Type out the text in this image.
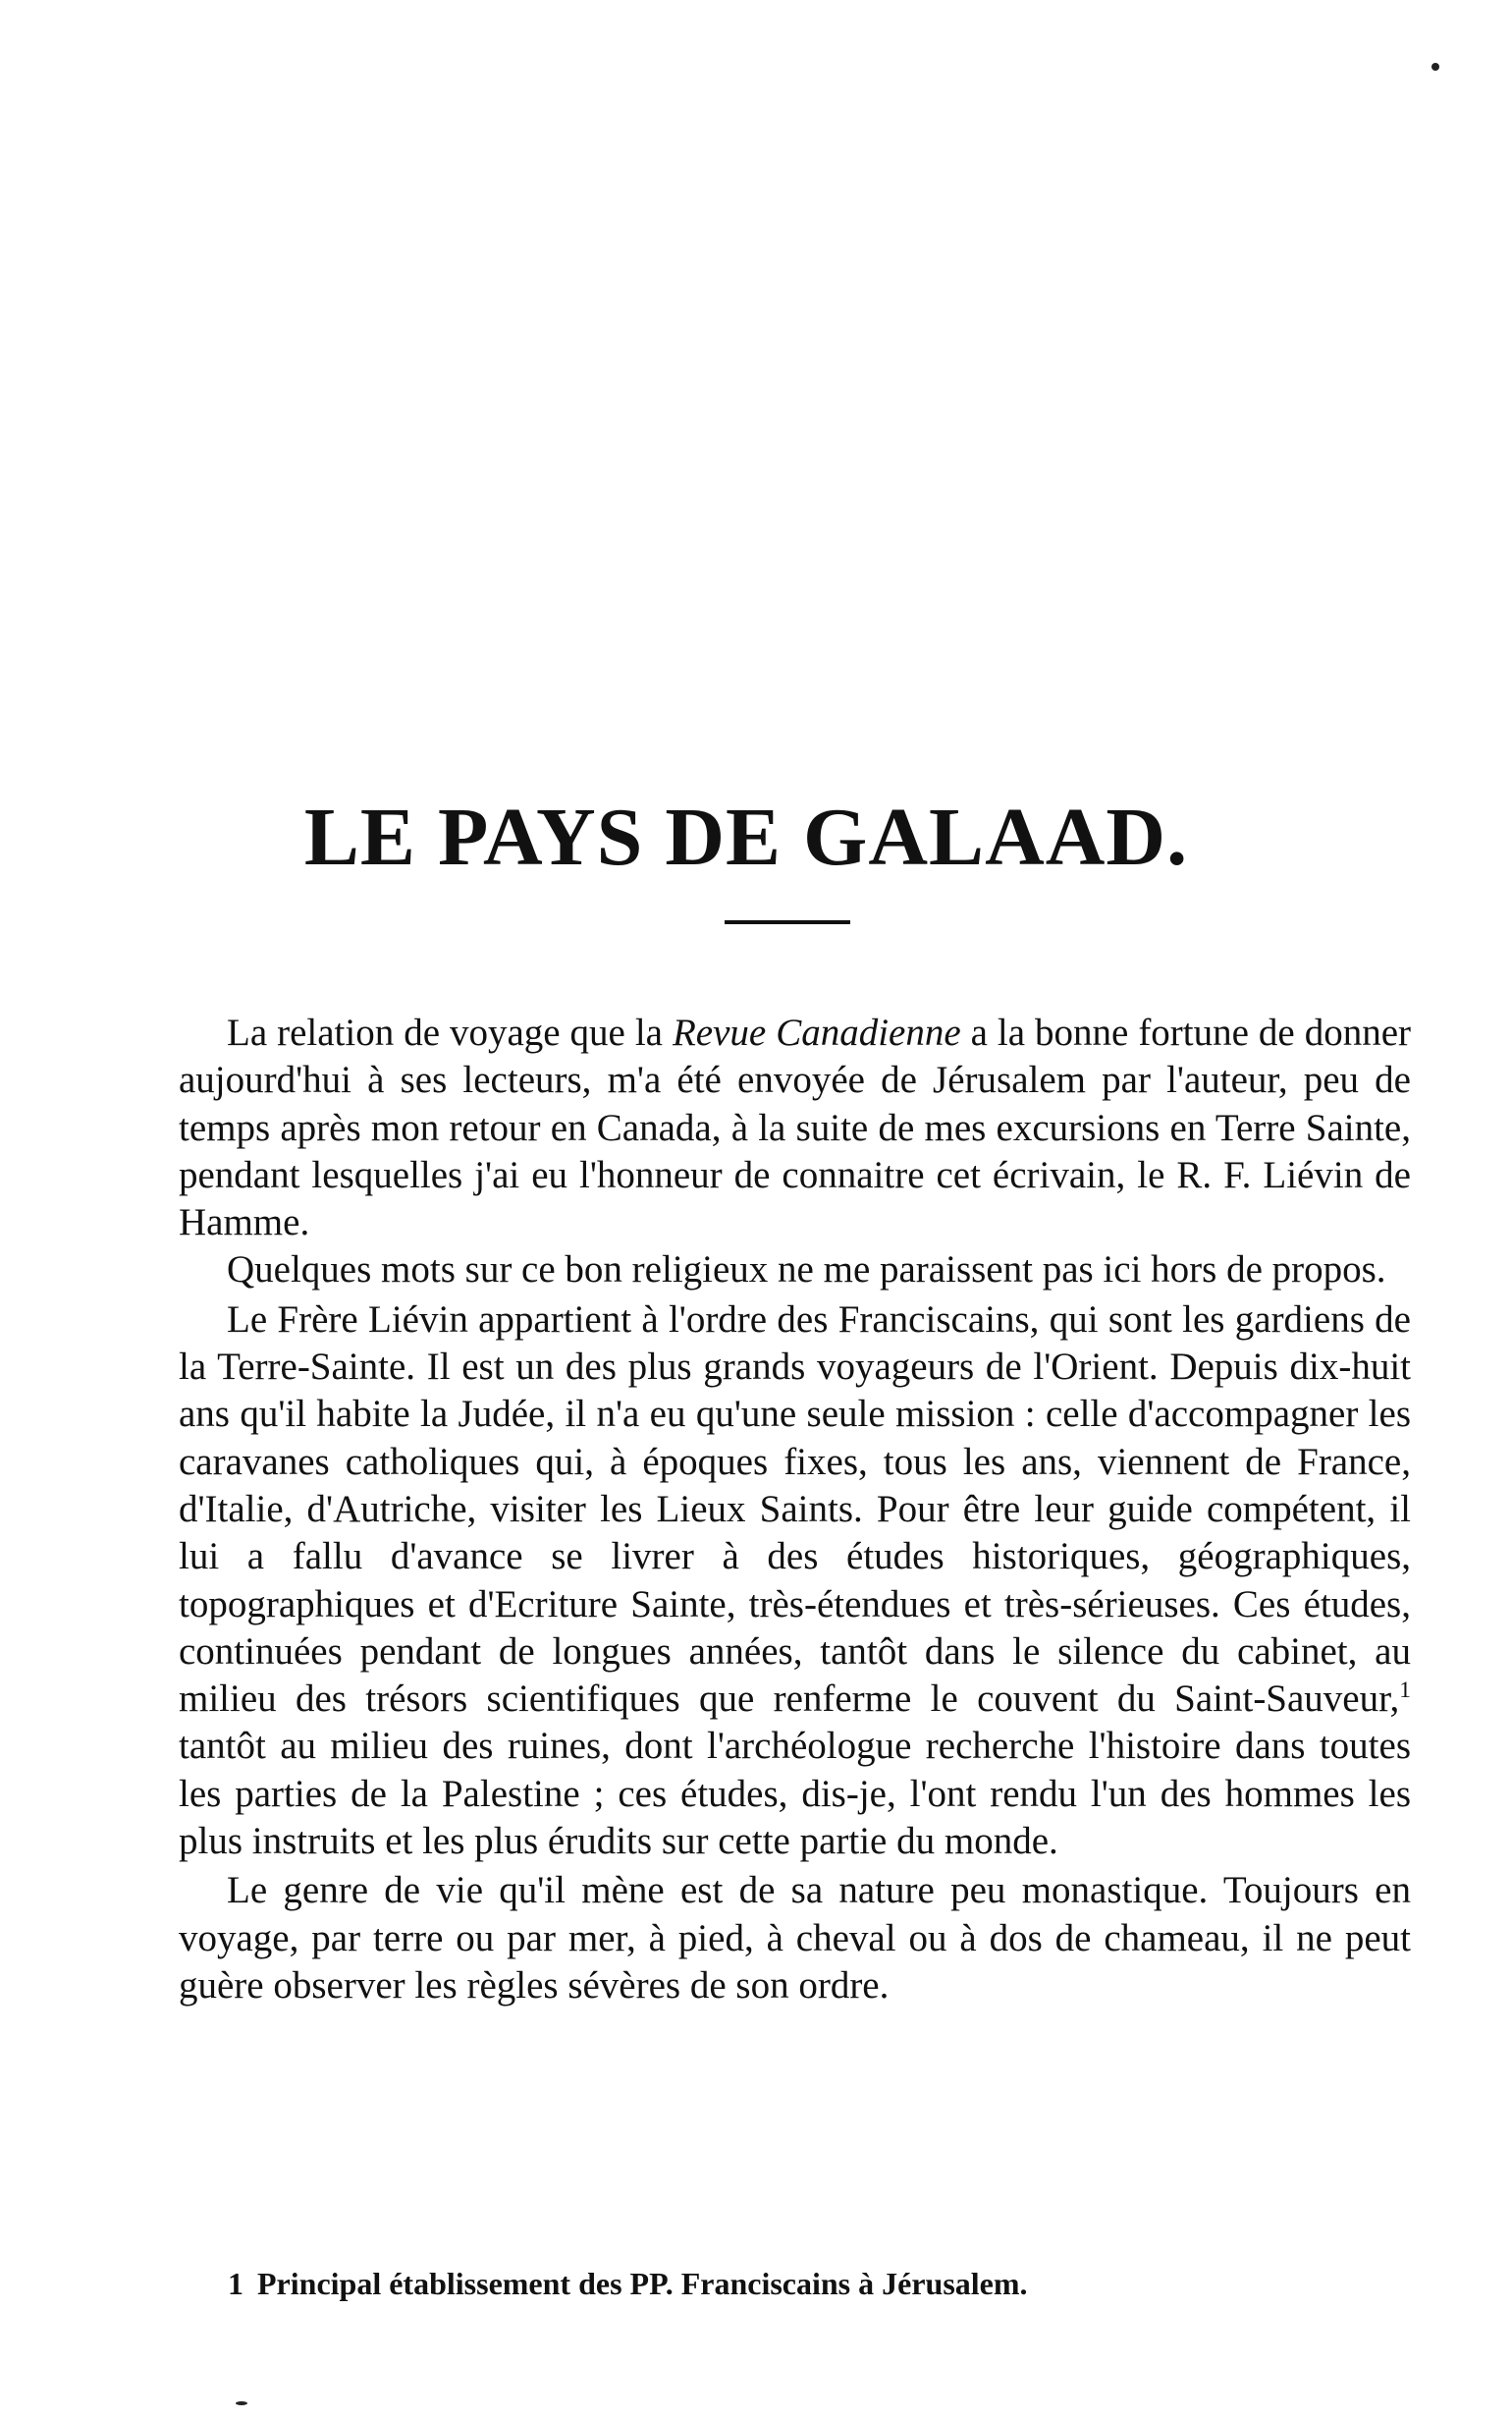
LE PAYS DE GALAAD.

La relation de voyage que la Revue Canadienne a la bonne fortune de donner aujourd'hui à ses lecteurs, m'a été envoyée de Jérusalem par l'auteur, peu de temps après mon retour en Canada, à la suite de mes excursions en Terre Sainte, pendant lesquelles j'ai eu l'honneur de connaitre cet écrivain, le R. F. Liévin de Hamme.

Quelques mots sur ce bon religieux ne me paraissent pas ici hors de propos.

Le Frère Liévin appartient à l'ordre des Franciscains, qui sont les gardiens de la Terre-Sainte. Il est un des plus grands voyageurs de l'Orient. Depuis dix-huit ans qu'il habite la Judée, il n'a eu qu'une seule mission : celle d'accompagner les caravanes catholiques qui, à époques fixes, tous les ans, viennent de France, d'Italie, d'Autriche, visiter les Lieux Saints. Pour être leur guide compétent, il lui a fallu d'avance se livrer à des études historiques, géographiques, topographiques et d'Ecriture Sainte, très-étendues et très-sérieuses. Ces études, continuées pendant de longues années, tantôt dans le silence du cabinet, au milieu des trésors scientifiques que renferme le couvent du Saint-Sauveur,$^1$ tantôt au milieu des ruines, dont l'archéologue recherche l'histoire dans toutes les parties de la Palestine ; ces études, dis-je, l'ont rendu l'un des hommes les plus instruits et les plus érudits sur cette partie du monde.

Le genre de vie qu'il mène est de sa nature peu monastique. Toujours en voyage, par terre ou par mer, à pied, à cheval ou à dos de chameau, il ne peut guère observer les règles sévères de son ordre.

1 Principal établissement des PP. Franciscains à Jérusalem.
